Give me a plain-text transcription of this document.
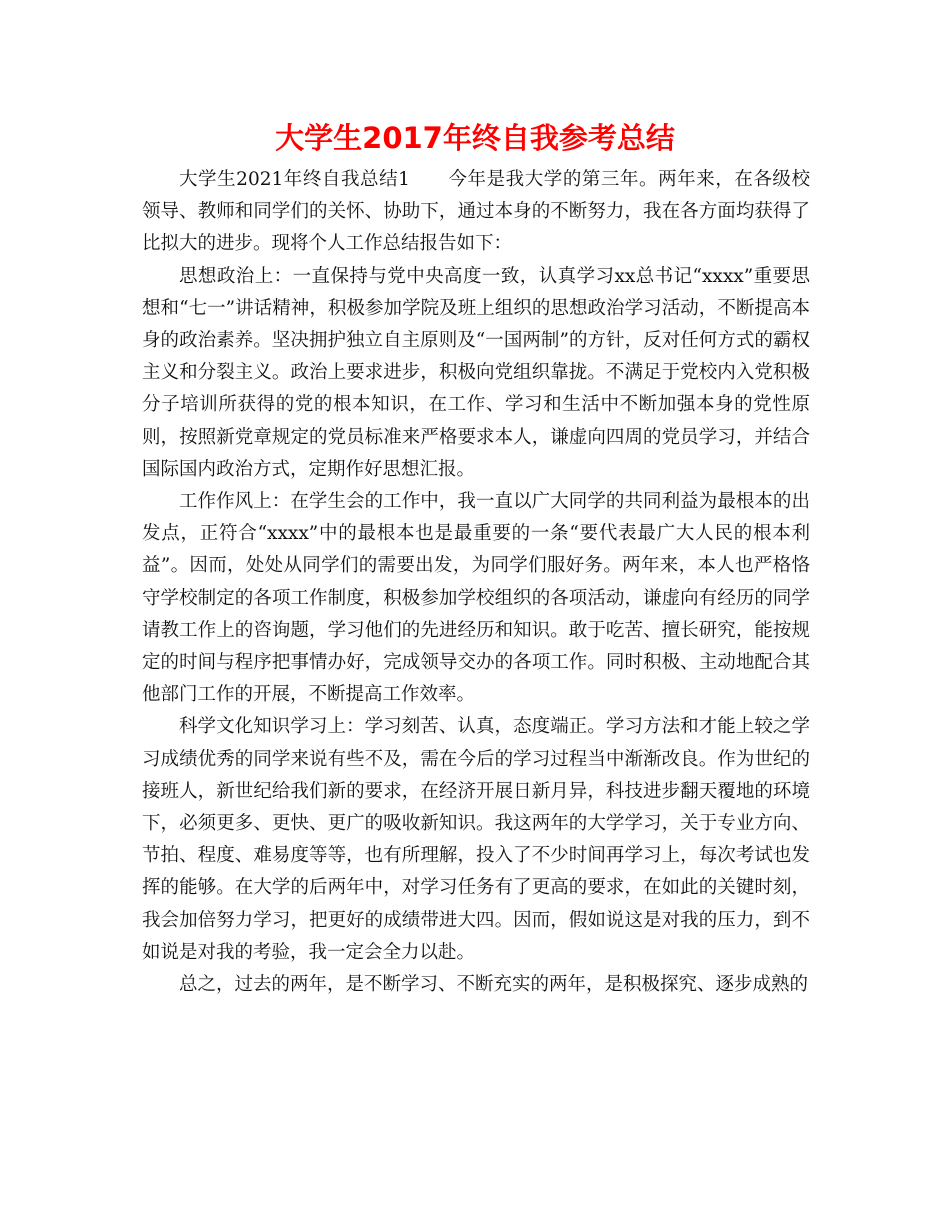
大学生2017年终自我参考总结

大学生2021年终自我总结1 今年是我大学的第三年。两年来，在各级校领导、教师和同学们的关怀、协助下，通过本身的不断努力，我在各方面均获得了比拟大的进步。现将个人工作总结报告如下：

思想政治上：一直保持与党中央高度一致，认真学习xx总书记“xxxx”重要思想和“七一”讲话精神，积极参加学院及班上组织的思想政治学习活动，不断提高本身的政治素养。坚决拥护独立自主原则及“一国两制”的方针，反对任何方式的霸权主义和分裂主义。政治上要求进步，积极向党组织靠拢。不满足于党校内入党积极分子培训所获得的党的根本知识，在工作、学习和生活中不断加强本身的党性原则，按照新党章规定的党员标准来严格要求本人，谦虚向四周的党员学习，并结合国际国内政治方式，定期作好思想汇报。

工作作风上：在学生会的工作中，我一直以广大同学的共同利益为最根本的出发点，正符合“xxxx”中的最根本也是最重要的一条“要代表最广大人民的根本利益”。因而，处处从同学们的需要出发，为同学们服好务。两年来，本人也严格恪守学校制定的各项工作制度，积极参加学校组织的各项活动，谦虚向有经历的同学请教工作上的咨询题，学习他们的先进经历和知识。敢于吃苦、擅长研究，能按规定的时间与程序把事情办好，完成领导交办的各项工作。同时积极、主动地配合其他部门工作的开展，不断提高工作效率。

科学文化知识学习上：学习刻苦、认真，态度端正。学习方法和才能上较之学习成绩优秀的同学来说有些不及，需在今后的学习过程当中渐渐改良。作为世纪的接班人，新世纪给我们新的要求，在经济开展日新月异，科技进步翻天覆地的环境下，必须更多、更快、更广的吸收新知识。我这两年的大学学习，关于专业方向、节拍、程度、难易度等等，也有所理解，投入了不少时间再学习上，每次考试也发挥的能够。在大学的后两年中，对学习任务有了更高的要求，在如此的关键时刻，我会加倍努力学习，把更好的成绩带进大四。因而，假如说这是对我的压力，到不如说是对我的考验，我一定会全力以赴。

总之，过去的两年，是不断学习、不断充实的两年，是积极探究、逐步成熟的
